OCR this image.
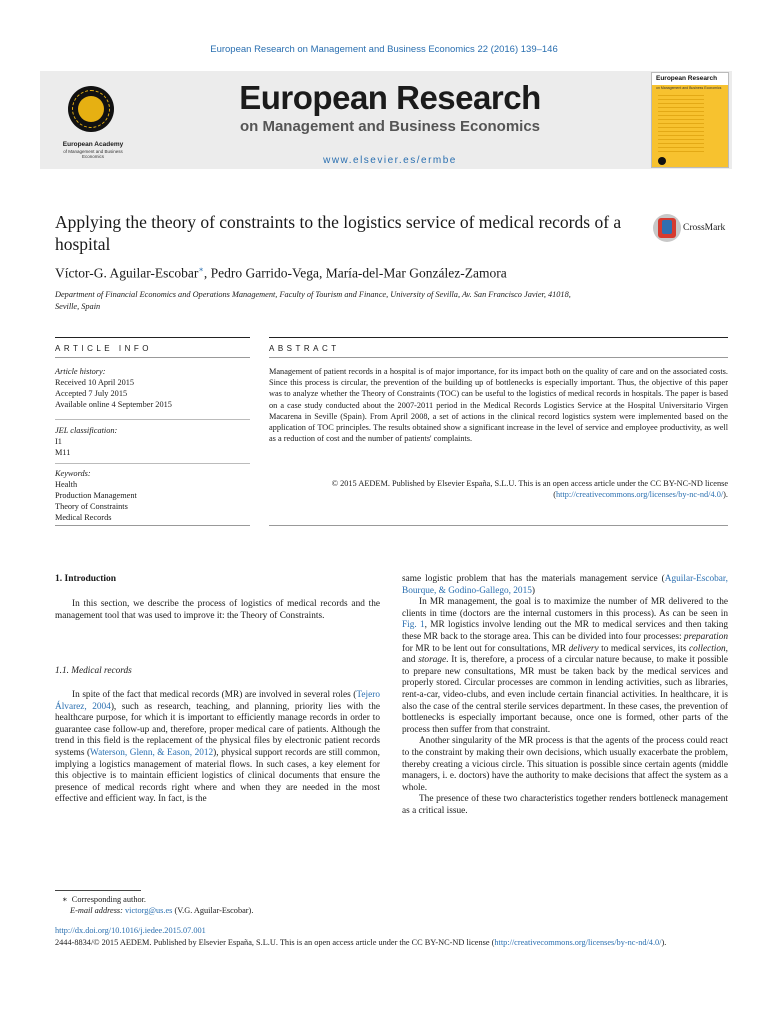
European Research on Management and Business Economics 22 (2016) 139–146
European Academy
of Management and Business Economics
European Research
on Management and Business Economics
www.elsevier.es/ermbe
European Research
on Management and Business Economics
Applying the theory of constraints to the logistics service of medical records of a hospital
CrossMark
Víctor-G. Aguilar-Escobar∗, Pedro Garrido-Vega, María-del-Mar González-Zamora
Department of Financial Economics and Operations Management, Faculty of Tourism and Finance, University of Sevilla, Av. San Francisco Javier, 41018, Seville, Spain
ARTICLE INFO	ABSTRACT
Article history:
Received 10 April 2015
Accepted 7 July 2015
Available online 4 September 2015
JEL classification:
I1
M11
Keywords:
Health
Production Management
Theory of Constraints
Medical Records
Management of patient records in a hospital is of major importance, for its impact both on the quality of care and on the associated costs. Since this process is circular, the prevention of the building up of bottlenecks is especially important. Thus, the objective of this paper was to analyze whether the Theory of Constraints (TOC) can be useful to the logistics of medical records in hospitals. The paper is based on a case study conducted about the 2007-2011 period in the Medical Records Logistics Service at the Hospital Universitario Virgen Macarena in Seville (Spain). From April 2008, a set of actions in the clinical record logistics system were implemented based on the application of TOC principles. The results obtained show a significant increase in the level of service and employee productivity, as well as a reduction of cost and the number of patients' complaints.
© 2015 AEDEM. Published by Elsevier España, S.L.U. This is an open access article under the CC BY-NC-ND license (http://creativecommons.org/licenses/by-nc-nd/4.0/).
1. Introduction

In this section, we describe the process of logistics of medical records and the management tool that was used to improve it: the Theory of Constraints.

1.1. Medical records

In spite of the fact that medical records (MR) are involved in several roles (Tejero Álvarez, 2004), such as research, teaching, and planning, priority lies with the healthcare purpose, for which it is important to efficiently manage records in order to guarantee case follow-up and, therefore, proper medical care of patients. Although the trend in this field is the replacement of the physical files by electronic patient records systems (Waterson, Glenn, & Eason, 2012), physical support records are still common, implying a logistics management of material flows. In such cases, a key element for this objective is to maintain efficient logistics of clinical documents that ensure the presence of medical records right where and when they are needed in the most effective and efficient way. In fact, is the

same logistic problem that has the materials management service (Aguilar-Escobar, Bourque, & Godino-Gallego, 2015)

In MR management, the goal is to maximize the number of MR delivered to the clients in time (doctors are the internal customers in this process). As can be seen in Fig. 1, MR logistics involve lending out the MR to medical services and then taking these MR back to the storage area. This can be divided into four processes: preparation for MR to be lent out for consultations, MR delivery to medical services, its collection, and storage. It is, therefore, a process of a circular nature because, to make it possible to prepare new consultations, MR must be taken back by the medical services and properly stored. Circular processes are common in lending activities, such as libraries, rent-a-car, video-clubs, and even include certain financial activities. In healthcare, it is also the case of the central sterile services department. In these cases, the prevention of bottlenecks is especially important because, once one is formed, other parts of the process then suffer from that constraint.

Another singularity of the MR process is that the agents of the process could react to the constraint by making their own decisions, which usually exacerbate the problem, thereby creating a vicious circle. This situation is possible since certain agents (middle managers, i. e. doctors) have the authority to make decisions that affect the system as a whole.

The presence of these two characteristics together renders bottleneck management as a critical issue.

∗ Corresponding author.
E-mail address: victorg@us.es (V.G. Aguilar-Escobar).
http://dx.doi.org/10.1016/j.iedee.2015.07.001
2444-8834/© 2015 AEDEM. Published by Elsevier España, S.L.U. This is an open access article under the CC BY-NC-ND license (http://creativecommons.org/licenses/by-nc-nd/4.0/).
